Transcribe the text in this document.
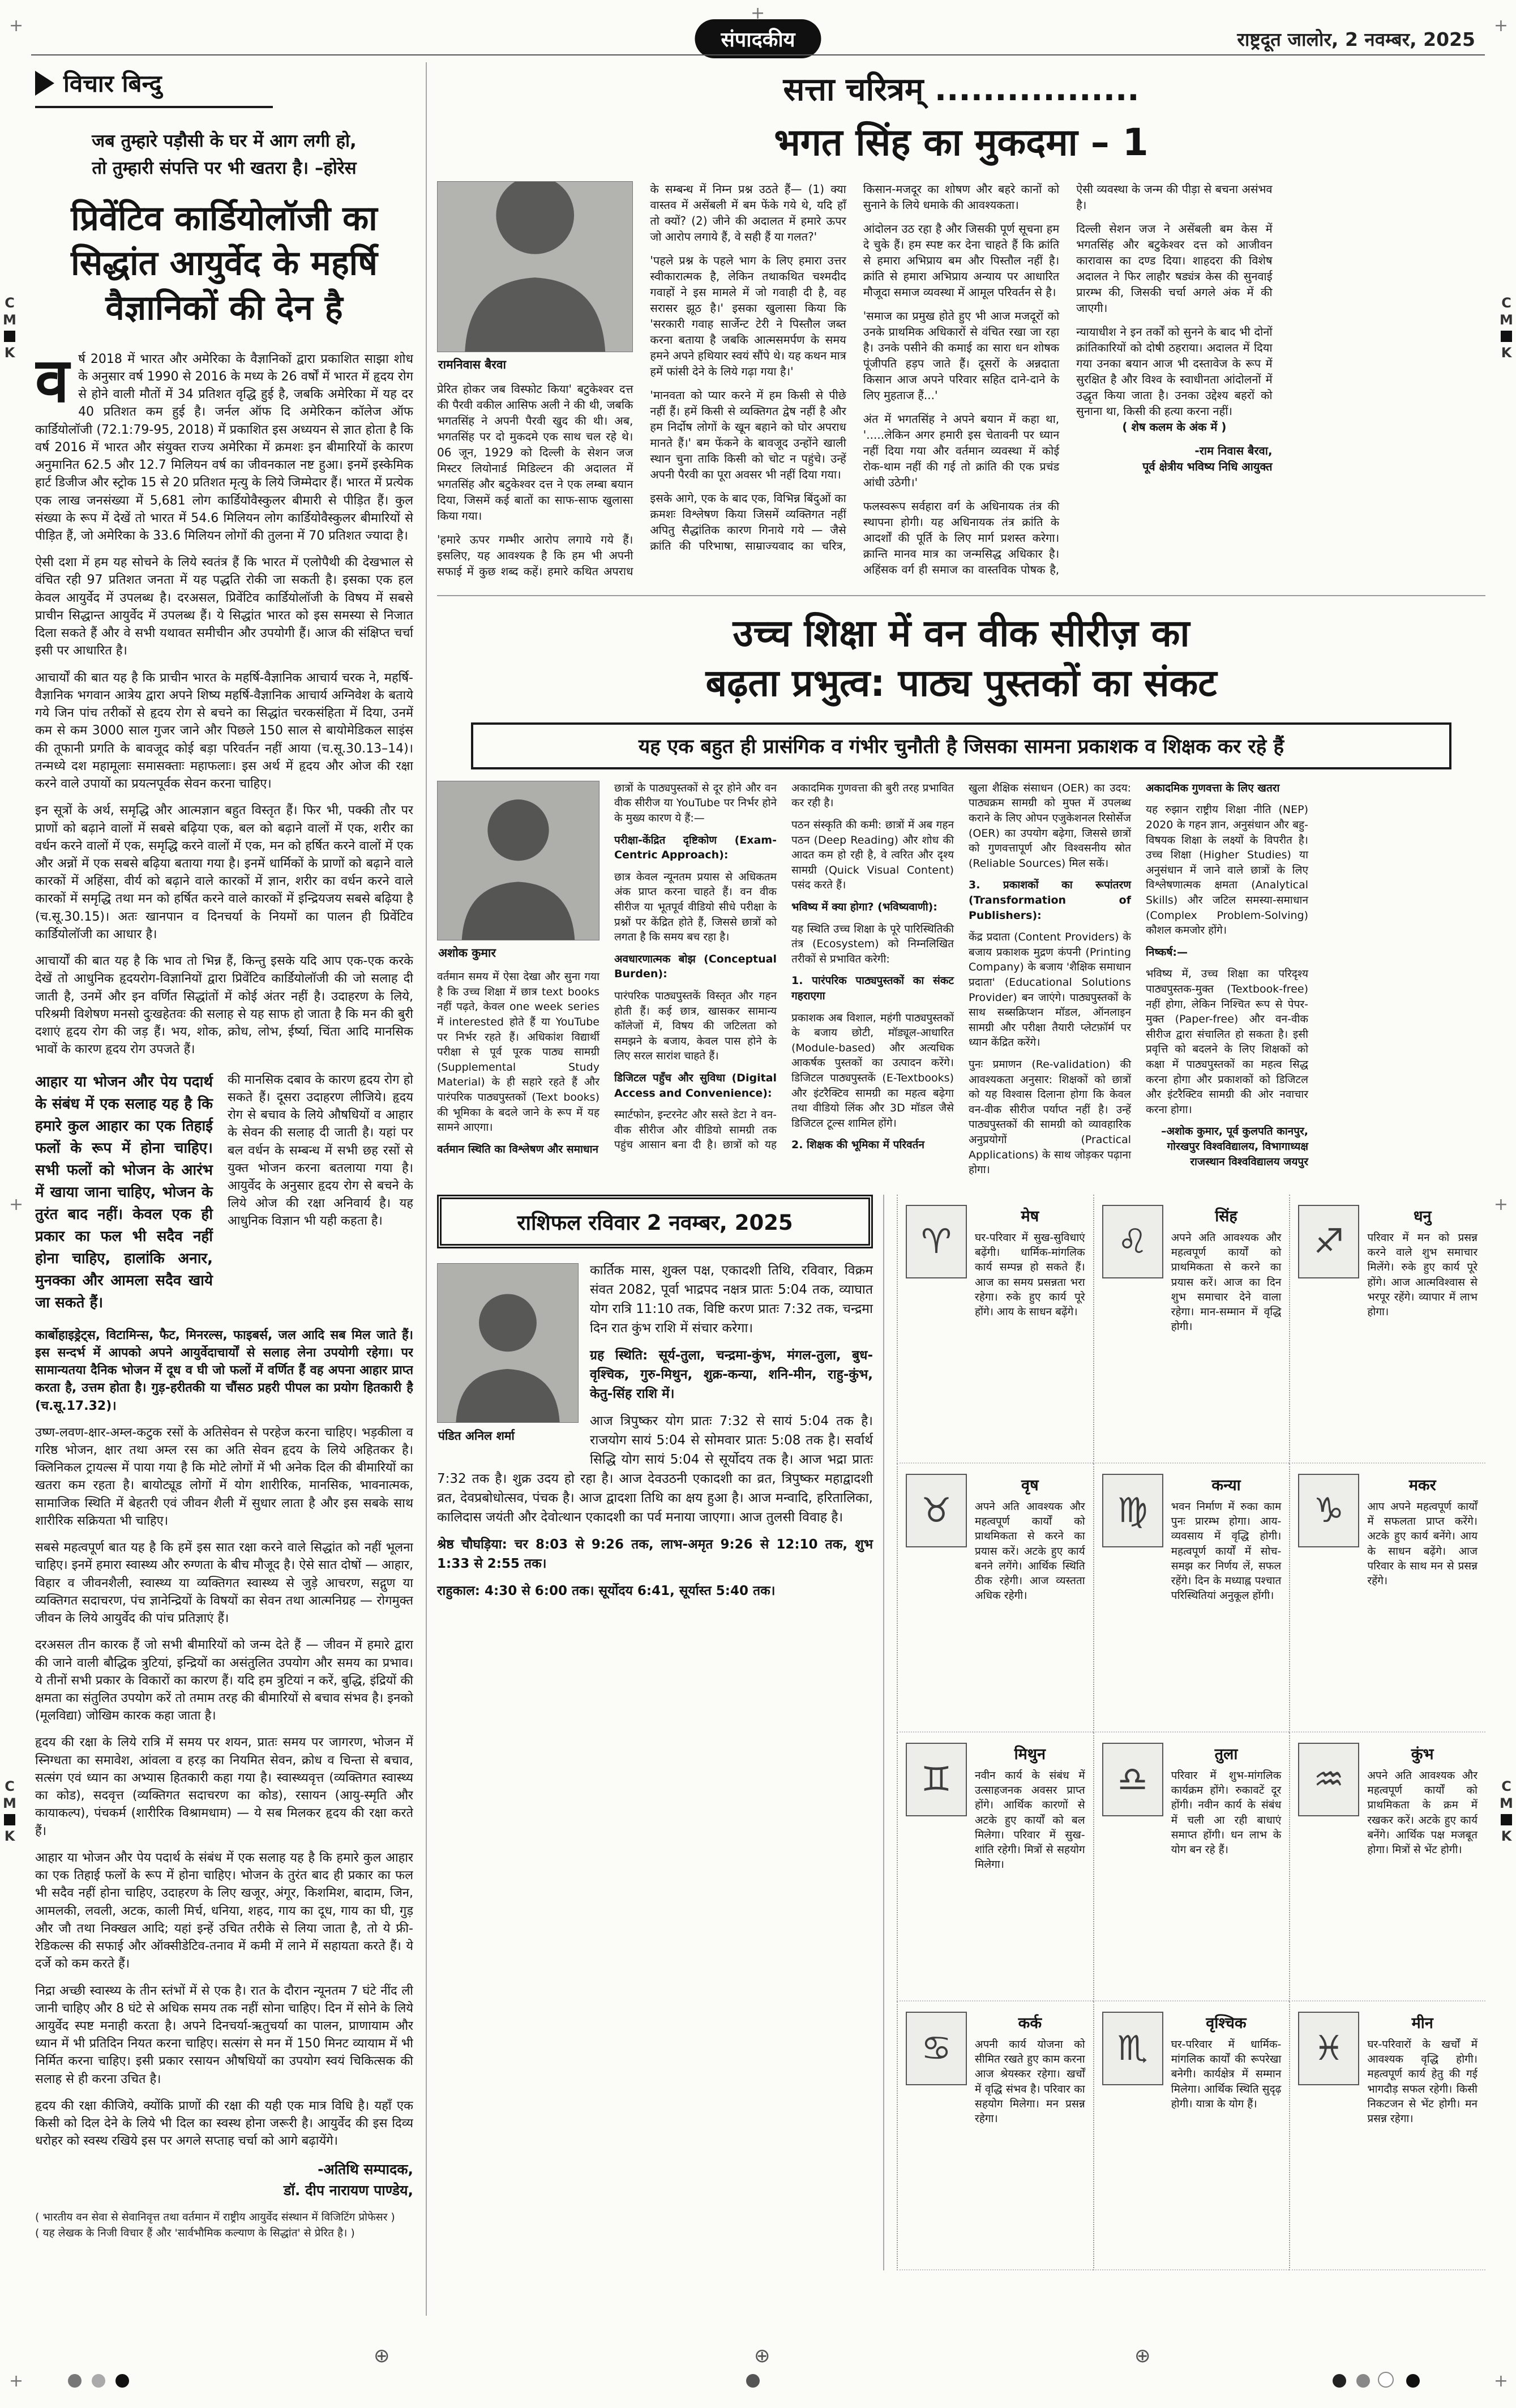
संपादकीय	राष्ट्रदूत जालोर, 2 नवम्बर, 2025
+
+
+
+	+
+	+
C
M
K
C
M
K
C
M
K
C
M
K
विचार बिन्दु
जब तुम्हारे पड़ौसी के घर में आग लगी हो,
तो तुम्हारी संपत्ति पर भी खतरा है। –होरेस
प्रिवेंटिव कार्डियोलॉजी का
सिद्धांत आयुर्वेद के महर्षि
वैज्ञानिकों की देन है

वर्ष 2018 में भारत और अमेरिका के वैज्ञानिकों द्वारा प्रकाशित साझा शोध के अनुसार वर्ष 1990 से 2016 के मध्य के 26 वर्षों में भारत में हृदय रोग से होने वाली मौतों में 34 प्रतिशत वृद्धि हुई है, जबकि अमेरिका में यह दर 40 प्रतिशत कम हुई है। जर्नल ऑफ दि अमेरिकन कॉलेज ऑफ कार्डियोलॉजी (72.1:79-95, 2018) में प्रकाशित इस अध्ययन से ज्ञात होता है कि वर्ष 2016 में भारत और संयुक्त राज्य अमेरिका में क्रमशः इन बीमारियों के कारण अनुमानित 62.5 और 12.7 मिलियन वर्ष का जीवनकाल नष्ट हुआ। इनमें इस्केमिक हार्ट डिजीज और स्ट्रोक 15 से 20 प्रतिशत मृत्यु के लिये जिम्मेदार हैं। भारत में प्रत्येक एक लाख जनसंख्या में 5,681 लोग कार्डियोवैस्कुलर बीमारी से पीड़ित हैं। कुल संख्या के रूप में देखें तो भारत में 54.6 मिलियन लोग कार्डियोवैस्कुलर बीमारियों से पीड़ित हैं, जो अमेरिका के 33.6 मिलियन लोगों की तुलना में 70 प्रतिशत ज्यादा है।

ऐसी दशा में हम यह सोचने के लिये स्वतंत्र हैं कि भारत में एलोपैथी की देखभाल से वंचित रही 97 प्रतिशत जनता में यह पद्धति रोकी जा सकती है। इसका एक हल केवल आयुर्वेद में उपलब्ध है। दरअसल, प्रिवेंटिव कार्डियोलॉजी के विषय में सबसे प्राचीन सिद्धान्त आयुर्वेद में उपलब्ध हैं। ये सिद्धांत भारत को इस समस्या से निजात दिला सकते हैं और वे सभी यथावत समीचीन और उपयोगी हैं। आज की संक्षिप्त चर्चा इसी पर आधारित है।

आचार्यों की बात यह है कि प्राचीन भारत के महर्षि-वैज्ञानिक आचार्य चरक ने, महर्षि-वैज्ञानिक भगवान आत्रेय द्वारा अपने शिष्य महर्षि-वैज्ञानिक आचार्य अग्निवेश के बताये गये जिन पांच तरीकों से हृदय रोग से बचने का सिद्धांत चरकसंहिता में दिया, उनमें कम से कम 3000 साल गुजर जाने और पिछले 150 साल से बायोमेडिकल साइंस की तूफानी प्रगति के बावजूद कोई बड़ा परिवर्तन नहीं आया (च.सू.30.13–14)। तन्मध्ये दश महामूलाः समासक्ताः महाफलाः। इस अर्थ में हृदय और ओज की रक्षा करने वाले उपायों का प्रयत्नपूर्वक सेवन करना चाहिए।

इन सूत्रों के अर्थ, समृद्धि और आत्मज्ञान बहुत विस्तृत हैं। फिर भी, पक्की तौर पर प्राणों को बढ़ाने वालों में सबसे बढ़िया एक, बल को बढ़ाने वालों में एक, शरीर का वर्धन करने वालों में एक, समृद्धि करने वालों में एक, मन को हर्षित करने वालों में एक और अन्नों में एक सबसे बढ़िया बताया गया है। इनमें धार्मिकों के प्राणों को बढ़ाने वाले कारकों में अहिंसा, वीर्य को बढ़ाने वाले कारकों में ज्ञान, शरीर का वर्धन करने वाले कारकों में समृद्धि तथा मन को हर्षित करने वाले कारकों में इन्द्रियजय सबसे बढ़िया है (च.सू.30.15)। अतः खानपान व दिनचर्या के नियमों का पालन ही प्रिवेंटिव कार्डियोलॉजी का आधार है।

आचार्यों की बात यह है कि भाव तो भिन्न हैं, किन्तु इसके यदि आप एक-एक करके देखें तो आधुनिक हृदयरोग-विज्ञानियों द्वारा प्रिवेंटिव कार्डियोलॉजी की जो सलाह दी जाती है, उनमें और इन वर्णित सिद्धांतों में कोई अंतर नहीं है। उदाहरण के लिये, परिश्रमी विशेषण मनसो दुःखहेतवः की सलाह से यह साफ हो जाता है कि मन की बुरी दशाएं हृदय रोग की जड़ हैं। भय, शोक, क्रोध, लोभ, ईर्ष्या, चिंता आदि मानसिक भावों के कारण हृदय रोग उपजते हैं।

आहार या भोजन और पेय पदार्थ के संबंध में एक सलाह यह है कि हमारे कुल आहार का एक तिहाई फलों के रूप में होना चाहिए। सभी फलों को भोजन के आरंभ में खाया जाना चाहिए, भोजन के तुरंत बाद नहीं। केवल एक ही प्रकार का फल भी सदैव नहीं होना चाहिए, हालांकि अनार, मुनक्का और आमला सदैव खाये जा सकते हैं।
की मानसिक दबाव के कारण हृदय रोग हो सकते हैं। दूसरा उदाहरण लीजिये। हृदय रोग से बचाव के लिये औषधियों व आहार के सेवन की सलाह दी जाती है। यहां पर बल वर्धन के सम्बन्ध में सभी छह रसों से युक्त भोजन करना बतलाया गया है। आयुर्वेद के अनुसार हृदय रोग से बचने के लिये ओज की रक्षा अनिवार्य है। यह आधुनिक विज्ञान भी यही कहता है।

कार्बोहाइड्रेट्स, विटामिन्स, फैट, मिनरल्स, फाइबर्स, जल आदि सब मिल जाते हैं। इस सन्दर्भ में आपको अपने आयुर्वेदाचार्यों से सलाह लेना उपयोगी रहेगा। पर सामान्यतया दैनिक भोजन में दूध व घी जो फलों में वर्णित हैं वह अपना आहार प्राप्त करता है, उत्तम होता है। गुड़-हरीतकी या चौंसठ प्रहरी पीपल का प्रयोग हितकारी है (च.सू.17.32)।

उष्ण-लवण-क्षार-अम्ल-कटुक रसों के अतिसेवन से परहेज करना चाहिए। भड़कीला व गरिष्ठ भोजन, क्षार तथा अम्ल रस का अति सेवन हृदय के लिये अहितकर है। क्लिनिकल ट्रायल्स में पाया गया है कि मोटे लोगों में भी अनेक दिल की बीमारियों का खतरा कम रहता है। बायोट्यूड लोगों में योग शारीरिक, मानसिक, भावनात्मक, सामाजिक स्थिति में बेहतरी एवं जीवन शैली में सुधार लाता है और इस सबके साथ शारीरिक सक्रियता भी चाहिए।

सबसे महत्वपूर्ण बात यह है कि हमें इस सात रक्षा करने वाले सिद्धांत को नहीं भूलना चाहिए। इनमें हमारा स्वास्थ्य और रुग्णता के बीच मौजूद है। ऐसे सात दोषों — आहार, विहार व जीवनशैली, स्वास्थ्य या व्यक्तिगत स्वास्थ्य से जुड़े आचरण, सद्गुण या व्यक्तिगत सदाचरण, पंच ज्ञानेन्द्रियों के विषयों का सेवन तथा आत्मनिग्रह — रोगमुक्त जीवन के लिये आयुर्वेद की पांच प्रतिज्ञाएं हैं।

दरअसल तीन कारक हैं जो सभी बीमारियों को जन्म देते हैं — जीवन में हमारे द्वारा की जाने वाली बौद्धिक त्रुटियां, इन्द्रियों का असंतुलित उपयोग और समय का प्रभाव। ये तीनों सभी प्रकार के विकारों का कारण हैं। यदि हम त्रुटियां न करें, बुद्धि, इंद्रियों की क्षमता का संतुलित उपयोग करें तो तमाम तरह की बीमारियों से बचाव संभव है। इनको (मूलविद्या) जोखिम कारक कहा जाता है।

हृदय की रक्षा के लिये रात्रि में समय पर शयन, प्रातः समय पर जागरण, भोजन में स्निग्धता का समावेश, आंवला व हरड़ का नियमित सेवन, क्रोध व चिन्ता से बचाव, सत्संग एवं ध्यान का अभ्यास हितकारी कहा गया है। स्वास्थ्यवृत्त (व्यक्तिगत स्वास्थ्य का कोड), सदवृत्त (व्यक्तिगत सदाचरण का कोड), रसायन (आयु-स्मृति और कायाकल्प), पंचकर्म (शारीरिक विश्रामधाम) — ये सब मिलकर हृदय की रक्षा करते हैं।

आहार या भोजन और पेय पदार्थ के संबंध में एक सलाह यह है कि हमारे कुल आहार का एक तिहाई फलों के रूप में होना चाहिए। भोजन के तुरंत बाद ही प्रकार का फल भी सदैव नहीं होना चाहिए, उदाहरण के लिए खजूर, अंगूर, किशमिश, बादाम, जिन, आमलकी, लवली, अटक, काली मिर्च, धनिया, शहद, गाय का दूध, गाय का घी, गुड़ और जौ तथा निक्खल आदि; यहां इन्हें उचित तरीके से लिया जाता है, तो ये फ्री-रेडिकल्स की सफाई और ऑक्सीडेटिव-तनाव में कमी में लाने में सहायता करते हैं। ये दर्जे को कम करते हैं।

निद्रा अच्छी स्वास्थ्य के तीन स्तंभों में से एक है। रात के दौरान न्यूनतम 7 घंटे नींद ली जानी चाहिए और 8 घंटे से अधिक समय तक नहीं सोना चाहिए। दिन में सोने के लिये आयुर्वेद स्पष्ट मनाही करता है। अपने दिनचर्या-ऋतुचर्या का पालन, प्राणायाम और ध्यान में भी प्रतिदिन नियत करना चाहिए। सत्संग से मन में 150 मिनट व्यायाम में भी निर्मित करना चाहिए। इसी प्रकार रसायन औषधियों का उपयोग स्वयं चिकित्सक की सलाह से ही करना उचित है।

हृदय की रक्षा कीजिये, क्योंकि प्राणों की रक्षा की यही एक मात्र विधि है। यहाँ एक किसी को दिल देने के लिये भी दिल का स्वस्थ होना जरूरी है। आयुर्वेद की इस दिव्य धरोहर को स्वस्थ रखिये इस पर अगले सप्ताह चर्चा को आगे बढ़ायेंगे।

-अतिथि सम्पादक,
डॉ. दीप नारायण पाण्डेय,
( भारतीय वन सेवा से सेवानिवृत्त तथा वर्तमान में राष्ट्रीय आयुर्वेद संस्थान में विजिटिंग प्रोफेसर )
( यह लेखक के निजी विचार हैं और 'सार्वभौमिक कल्याण के सिद्धांत' से प्रेरित है। )
सत्ता चरित्रम् .................
भगत सिंह का मुकदमा – 1
रामनिवास बैरवा

प्रेरित होकर जब विस्फोट किया' बटुकेश्वर दत्त की पैरवी वकील आसिफ अली ने की थी, जबकि भगतसिंह ने अपनी पैरवी खुद की थी। अब, भगतसिंह पर दो मुकदमे एक साथ चल रहे थे। 06 जून, 1929 को दिल्ली के सेशन जज मिस्टर लियोनार्ड मिडिल्टन की अदालत में भगतसिंह और बटुकेश्वर दत्त ने एक लम्बा बयान दिया, जिसमें कई बातों का साफ-साफ खुलासा किया गया।

'हमारे ऊपर गम्भीर आरोप लगाये गये हैं। इसलिए, यह आवश्यक है कि हम भी अपनी सफाई में कुछ शब्द कहें। हमारे कथित अपराध के सम्बन्ध में निम्न प्रश्न उठते हैं— (1) क्या वास्तव में असेंबली में बम फेंके गये थे, यदि हाँ तो क्यों? (2) जीने की अदालत में हमारे ऊपर जो आरोप लगाये हैं, वे सही हैं या गलत?'

'पहले प्रश्न के पहले भाग के लिए हमारा उत्तर स्वीकारात्मक है, लेकिन तथाकथित चश्मदीद गवाहों ने इस मामले में जो गवाही दी है, वह सरासर झूठ है।' इसका खुलासा किया कि 'सरकारी गवाह सार्जेन्ट टेरी ने पिस्तौल जब्त करना बताया है जबकि आत्मसमर्पण के समय हमने अपने हथियार स्वयं सौंपे थे। यह कथन मात्र हमें फांसी देने के लिये गढ़ा गया है।'

'मानवता को प्यार करने में हम किसी से पीछे नहीं हैं। हमें किसी से व्यक्तिगत द्वेष नहीं है और हम निर्दोष लोगों के खून बहाने को घोर अपराध मानते हैं।' बम फेंकने के बावजूद उन्होंने खाली स्थान चुना ताकि किसी को चोट न पहुंचे। उन्हें अपनी पैरवी का पूरा अवसर भी नहीं दिया गया।

इसके आगे, एक के बाद एक, विभिन्न बिंदुओं का क्रमशः विश्लेषण किया जिसमें व्यक्तिगत नहीं अपितु सैद्धांतिक कारण गिनाये गये — जैसे क्रांति की परिभाषा, साम्राज्यवाद का चरित्र, किसान-मजदूर का शोषण और बहरे कानों को सुनाने के लिये धमाके की आवश्यकता।

आंदोलन उठ रहा है और जिसकी पूर्ण सूचना हम दे चुके हैं। हम स्पष्ट कर देना चाहते हैं कि क्रांति से हमारा अभिप्राय बम और पिस्तौल नहीं है। क्रांति से हमारा अभिप्राय अन्याय पर आधारित मौजूदा समाज व्यवस्था में आमूल परिवर्तन से है।

'समाज का प्रमुख होते हुए भी आज मजदूरों को उनके प्राथमिक अधिकारों से वंचित रखा जा रहा है। उनके पसीने की कमाई का सारा धन शोषक पूंजीपति हड़प जाते हैं। दूसरों के अन्नदाता किसान आज अपने परिवार सहित दाने-दाने के लिए मुहताज हैं...'

अंत में भगतसिंह ने अपने बयान में कहा था, '.....लेकिन अगर हमारी इस चेतावनी पर ध्यान नहीं दिया गया और वर्तमान व्यवस्था में कोई रोक-थाम नहीं की गई तो क्रांति की एक प्रचंड आंधी उठेगी।'

फलस्वरूप सर्वहारा वर्ग के अधिनायक तंत्र की स्थापना होगी। यह अधिनायक तंत्र क्रांति के आदर्शों की पूर्ति के लिए मार्ग प्रशस्त करेगा। क्रान्ति मानव मात्र का जन्मसिद्ध अधिकार है। अहिंसक वर्ग ही समाज का वास्तविक पोषक है, ऐसी व्यवस्था के जन्म की पीड़ा से बचना असंभव है।

दिल्ली सेशन जज ने असेंबली बम केस में भगतसिंह और बटुकेश्वर दत्त को आजीवन कारावास का दण्ड दिया। शाहदरा की विशेष अदालत ने फिर लाहौर षड्यंत्र केस की सुनवाई प्रारम्भ की, जिसकी चर्चा अगले अंक में की जाएगी।

न्यायाधीश ने इन तर्कों को सुनने के बाद भी दोनों क्रांतिकारियों को दोषी ठहराया। अदालत में दिया गया उनका बयान आज भी दस्तावेज के रूप में सुरक्षित है और विश्व के स्वाधीनता आंदोलनों में उद्धृत किया जाता है। उनका उद्देश्य बहरों को सुनाना था, किसी की हत्या करना नहीं।

( शेष कलम के अंक में )

-राम निवास बैरवा,
पूर्व क्षेत्रीय भविष्य निधि आयुक्त

उच्च शिक्षा में वन वीक सीरीज़ का
बढ़ता प्रभुत्व: पाठ्य पुस्तकों का संकट
यह एक बहुत ही प्रासंगिक व गंभीर चुनौती है जिसका सामना प्रकाशक व शिक्षक कर रहे हैं
अशोक कुमार

वर्तमान समय में ऐसा देखा और सुना गया है कि उच्च शिक्षा में छात्र text books नहीं पढ़ते, केवल one week series में interested होते हैं या YouTube पर निर्भर रहते हैं। अधिकांश विद्यार्थी परीक्षा से पूर्व पूरक पाठ्य सामग्री (Supplemental Study Material) के ही सहारे रहते हैं और पारंपरिक पाठ्यपुस्तकों (Text books) की भूमिका के बदले जाने के रूप में यह सामने आएगा।

वर्तमान स्थिति का विश्लेषण और समाधान

छात्रों के पाठ्यपुस्तकों से दूर होने और वन वीक सीरीज या YouTube पर निर्भर होने के मुख्य कारण ये हैं:—

परीक्षा-केंद्रित दृष्टिकोण (Exam-Centric Approach):

छात्र केवल न्यूनतम प्रयास से अधिकतम अंक प्राप्त करना चाहते हैं। वन वीक सीरीज या भूतपूर्व वीडियो सीधे परीक्षा के प्रश्नों पर केंद्रित होते हैं, जिससे छात्रों को लगता है कि समय बच रहा है।

अवधारणात्मक बोझ (Conceptual Burden):

पारंपरिक पाठ्यपुस्तकें विस्तृत और गहन होती हैं। कई छात्र, खासकर सामान्य कॉलेजों में, विषय की जटिलता को समझने के बजाय, केवल पास होने के लिए सरल सारांश चाहते हैं।

डिजिटल पहुँच और सुविधा (Digital Access and Convenience):

स्मार्टफोन, इन्टरनेट और सस्ते डेटा ने वन-वीक सीरीज और वीडियो सामग्री तक पहुंच आसान बना दी है। छात्रों को यह अकादमिक गुणवत्ता की बुरी तरह प्रभावित कर रही है।

पठन संस्कृति की कमी: छात्रों में अब गहन पठन (Deep Reading) और शोध की आदत कम हो रही है, वे त्वरित और दृश्य सामग्री (Quick Visual Content) पसंद करते हैं।

भविष्य में क्या होगा? (भविष्यवाणी):

यह स्थिति उच्च शिक्षा के पूरे पारिस्थितिकी तंत्र (Ecosystem) को निम्नलिखित तरीकों से प्रभावित करेगी:

1. पारंपरिक पाठ्यपुस्तकों का संकट गहराएगा

प्रकाशक अब विशाल, महंगी पाठ्यपुस्तकों के बजाय छोटी, मॉड्यूल-आधारित (Module-based) और अत्यधिक आकर्षक पुस्तकों का उत्पादन करेंगे। डिजिटल पाठ्यपुस्तकें (E-Textbooks) और इंटरैक्टिव सामग्री का महत्व बढ़ेगा तथा वीडियो लिंक और 3D मॉडल जैसे डिजिटल टूल्स शामिल होंगे।

2. शिक्षक की भूमिका में परिवर्तन

खुला शैक्षिक संसाधन (OER) का उदय: पाठ्यक्रम सामग्री को मुफ्त में उपलब्ध कराने के लिए ओपन एजुकेशनल रिसोर्सेज (OER) का उपयोग बढ़ेगा, जिससे छात्रों को गुणवत्तापूर्ण और विश्वसनीय स्रोत (Reliable Sources) मिल सकें।

3. प्रकाशकों का रूपांतरण (Transformation of Publishers):

केंद्र प्रदाता (Content Providers) के बजाय प्रकाशक मुद्रण कंपनी (Printing Company) के बजाय 'शैक्षिक समाधान प्रदाता' (Educational Solutions Provider) बन जाएंगे। पाठ्यपुस्तकों के साथ सब्सक्रिप्शन मॉडल, ऑनलाइन सामग्री और परीक्षा तैयारी प्लेटफ़ॉर्म पर ध्यान केंद्रित करेंगे।

पुनः प्रमाणन (Re-validation) की आवश्यकता अनुसार: शिक्षकों को छात्रों को यह विश्वास दिलाना होगा कि केवल वन-वीक सीरीज पर्याप्त नहीं है। उन्हें पाठ्यपुस्तकों की सामग्री को व्यावहारिक अनुप्रयोगों (Practical Applications) के साथ जोड़कर पढ़ाना होगा।

अकादमिक गुणवत्ता के लिए खतरा

यह रुझान राष्ट्रीय शिक्षा नीति (NEP) 2020 के गहन ज्ञान, अनुसंधान और बहु-विषयक शिक्षा के लक्ष्यों के विपरीत है। उच्च शिक्षा (Higher Studies) या अनुसंधान में जाने वाले छात्रों के लिए विश्लेषणात्मक क्षमता (Analytical Skills) और जटिल समस्या-समाधान (Complex Problem-Solving) कौशल कमजोर होंगे।

निष्कर्ष:—

भविष्य में, उच्च शिक्षा का परिदृश्य पाठ्यपुस्तक-मुक्त (Textbook-free) नहीं होगा, लेकिन निश्चित रूप से पेपर-मुक्त (Paper-free) और वन-वीक सीरीज द्वारा संचालित हो सकता है। इसी प्रवृत्ति को बदलने के लिए शिक्षकों को कक्षा में पाठ्यपुस्तकों का महत्व सिद्ध करना होगा और प्रकाशकों को डिजिटल और इंटरैक्टिव सामग्री की ओर नवाचार करना होगा।

–अशोक कुमार, पूर्व कुलपति कानपुर, गोरखपुर विश्वविद्यालय, विभागाध्यक्ष राजस्थान विश्वविद्यालय जयपुर

राशिफल रविवार 2 नवम्बर, 2025
पंडित अनिल शर्मा

कार्तिक मास, शुक्ल पक्ष, एकादशी तिथि, रविवार, विक्रम संवत 2082, पूर्वा भाद्रपद नक्षत्र प्रातः 5:04 तक, व्याघात योग रात्रि 11:10 तक, विष्टि करण प्रातः 7:32 तक, चन्द्रमा दिन रात कुंभ राशि में संचार करेगा।

ग्रह स्थिति: सूर्य-तुला, चन्द्रमा-कुंभ, मंगल-तुला, बुध-वृश्चिक, गुरु-मिथुन, शुक्र-कन्या, शनि-मीन, राहु-कुंभ, केतु-सिंह राशि में।

आज त्रिपुष्कर योग प्रातः 7:32 से सायं 5:04 तक है। राजयोग सायं 5:04 से सोमवार प्रातः 5:08 तक है। सर्वार्थ सिद्धि योग सायं 5:04 से सूर्योदय तक है। आज भद्रा प्रातः 7:32 तक है। शुक्र उदय हो रहा है। आज देवउठनी एकादशी का व्रत, त्रिपुष्कर महाद्वादशी व्रत, देवप्रबोधोत्सव, पंचक है। आज द्वादशा तिथि का क्षय हुआ है। आज मन्वादि, हरितालिका, कालिदास जयंती और देवोत्थान एकादशी का पर्व मनाया जाएगा। आज तुलसी विवाह है।

श्रेष्ठ चौघड़िया: चर 8:03 से 9:26 तक, लाभ-अमृत 9:26 से 12:10 तक, शुभ 1:33 से 2:55 तक।

राहुकाल: 4:30 से 6:00 तक। सूर्योदय 6:41, सूर्यास्त 5:40 तक।

♈
मेष
घर-परिवार में सुख-सुविधाएं बढ़ेंगी। धार्मिक-मांगलिक कार्य सम्पन्न हो सकते हैं। आज का समय प्रसन्नता भरा रहेगा। रुके हुए कार्य पूरे होंगे। आय के साधन बढ़ेंगे।
♉
वृष
अपने अति आवश्यक और महत्वपूर्ण कार्यों को प्राथमिकता से करने का प्रयास करें। अटके हुए कार्य बनने लगेंगे। आर्थिक स्थिति ठीक रहेगी। आज व्यस्तता अधिक रहेगी।
♊
मिथुन
नवीन कार्य के संबंध में उत्साहजनक अवसर प्राप्त होंगे। आर्थिक कारणों से अटके हुए कार्यों को बल मिलेगा। परिवार में सुख-शांति रहेगी। मित्रों से सहयोग मिलेगा।
♋
कर्क
अपनी कार्य योजना को सीमित रखते हुए काम करना आज श्रेयस्कर रहेगा। खर्चों में वृद्धि संभव है। परिवार का सहयोग मिलेगा। मन प्रसन्न रहेगा।
♌
सिंह
अपने अति आवश्यक और महत्वपूर्ण कार्यों को प्राथमिकता से करने का प्रयास करें। आज का दिन शुभ समाचार देने वाला रहेगा। मान-सम्मान में वृद्धि होगी।
♍
कन्या
भवन निर्माण में रुका काम पुनः प्रारम्भ होगा। आय-व्यवसाय में वृद्धि होगी। महत्वपूर्ण कार्यों में सोच-समझ कर निर्णय लें, सफल रहेंगे। दिन के मध्याह्न पश्चात परिस्थितियां अनुकूल होंगी।
♎
तुला
परिवार में शुभ-मांगलिक कार्यक्रम होंगे। रुकावटें दूर होंगी। नवीन कार्य के संबंध में चली आ रही बाधाएं समाप्त होंगी। धन लाभ के योग बन रहे हैं।
♏
वृश्चिक
घर-परिवार में धार्मिक-मांगलिक कार्यों की रूपरेखा बनेगी। कार्यक्षेत्र में सम्मान मिलेगा। आर्थिक स्थिति सुदृढ़ होगी। यात्रा के योग हैं।
♐
धनु
परिवार में मन को प्रसन्न करने वाले शुभ समाचार मिलेंगे। रुके हुए कार्य पूरे होंगे। आज आत्मविश्वास से भरपूर रहेंगे। व्यापार में लाभ होगा।
♑
मकर
आप अपने महत्वपूर्ण कार्यों में सफलता प्राप्त करेंगे। अटके हुए कार्य बनेंगे। आय के साधन बढ़ेंगे। आज परिवार के साथ मन से प्रसन्न रहेंगे।
♒
कुंभ
अपने अति आवश्यक और महत्वपूर्ण कार्यों को प्राथमिकता के क्रम में रखकर करें। अटके हुए कार्य बनेंगे। आर्थिक पक्ष मजबूत होगा। मित्रों से भेंट होगी।
♓
मीन
घर-परिवारों के खर्चों में आवश्यक वृद्धि होगी। महत्वपूर्ण कार्य हेतु की गई भागदौड़ सफल रहेगी। किसी निकटजन से भेंट होगी। मन प्रसन्न रहेगा।
⊕	⊕	⊕
